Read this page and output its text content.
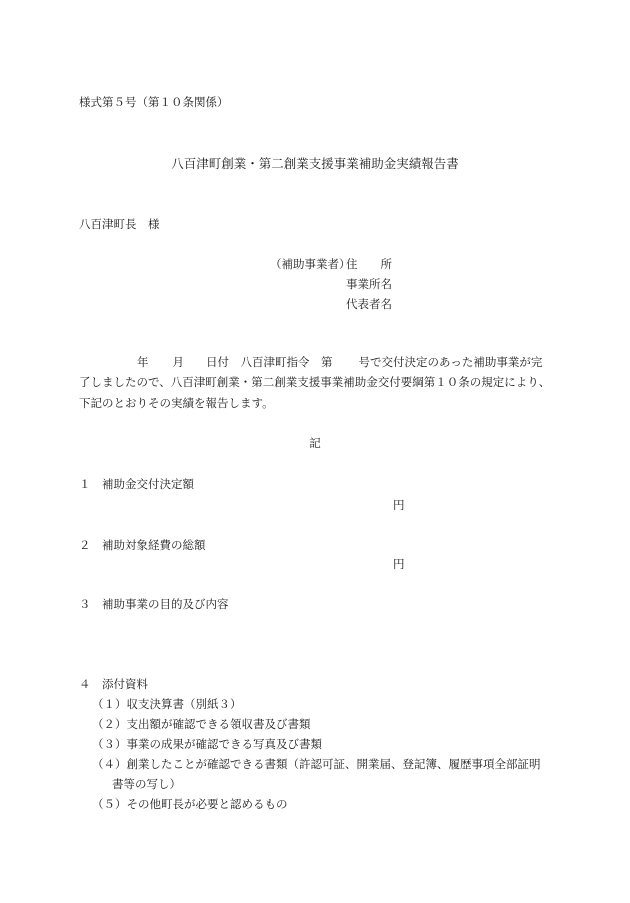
様式第５号（第１０条関係）
八百津町創業・第二創業支援事業補助金実績報告書
八百津町長　様
（補助事業者）
住　　所
事業所名
代表者名
年 月 日付　八百津町指令　第 号で交付決定のあった補助事業が完
了しましたので、八百津町創業・第二創業支援事業補助金交付要綱第１０条の規定により、
下記のとおりその実績を報告します。
記
１　補助金交付決定額
円
２　補助対象経費の総額
円
３　補助事業の目的及び内容
４　添付資料
（１）収支決算書（別紙３）
（２）支出額が確認できる領収書及び書類
（３）事業の成果が確認できる写真及び書類
（４）創業したことが確認できる書類（許認可証、開業届、登記簿、履歴事項全部証明
書等の写し）
（５）その他町長が必要と認めるもの
